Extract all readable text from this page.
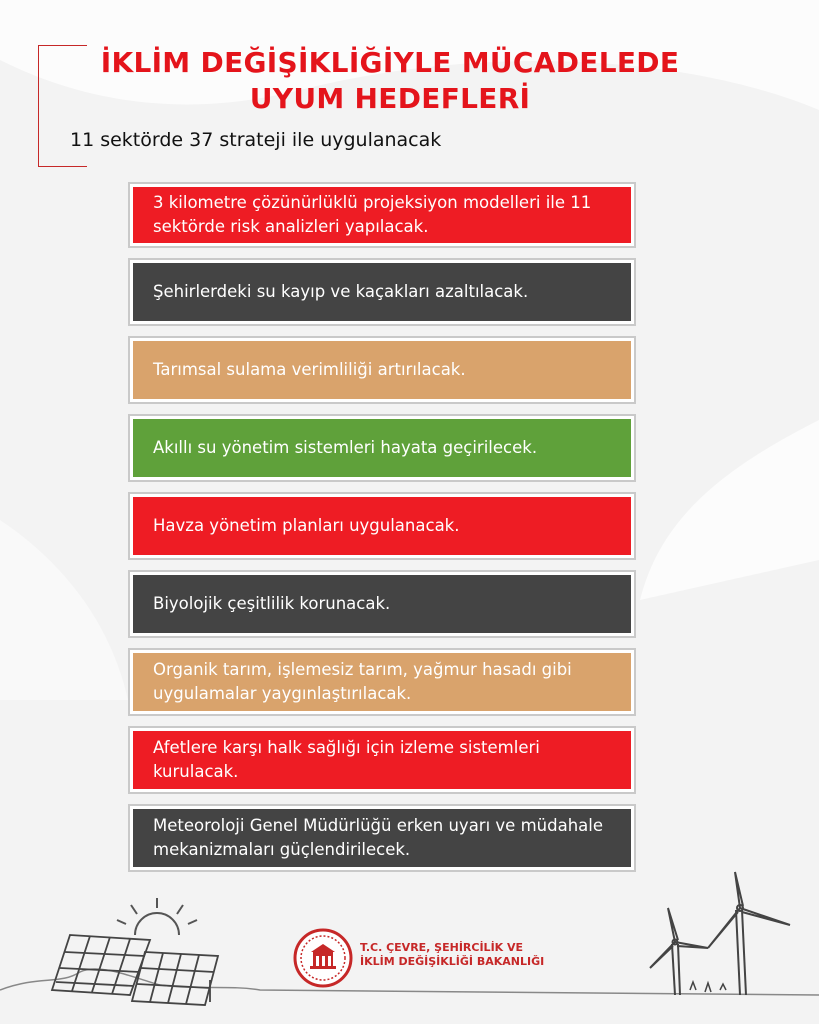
İKLİM DEĞİŞİKLİĞİYLE MÜCADELEDE
UYUM HEDEFLERİ
11 sektörde 37 strateji ile uygulanacak
3 kilometre çözünürlüklü projeksiyon modelleri ile 11 sektörde risk analizleri yapılacak.
Şehirlerdeki su kayıp ve kaçakları azaltılacak.
Tarımsal sulama verimliliği artırılacak.
Akıllı su yönetim sistemleri hayata geçirilecek.
Havza yönetim planları uygulanacak.
Biyolojik çeşitlilik korunacak.
Organik tarım, işlemesiz tarım, yağmur hasadı gibi uygulamalar yaygınlaştırılacak.
Afetlere karşı halk sağlığı için izleme sistemleri kurulacak.
Meteoroloji Genel Müdürlüğü erken uyarı ve müdahale mekanizmaları güçlendirilecek.
T.C. ÇEVRE, ŞEHİRCİLİK VE
İKLİM DEĞİŞİKLİĞİ BAKANLIĞI
